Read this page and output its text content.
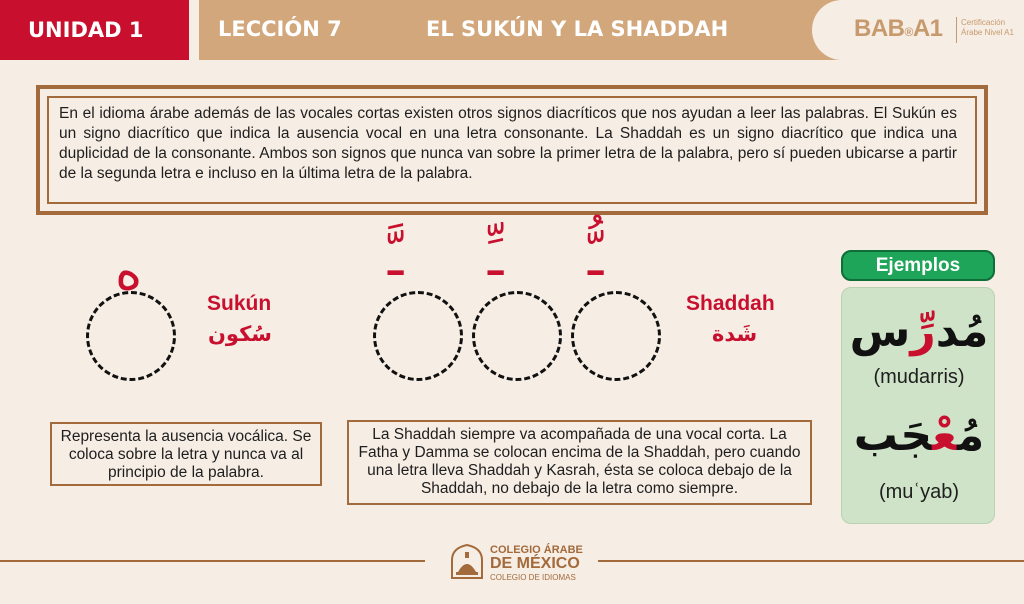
UNIDAD 1	LECCIÓN 7	EL SUKÚN Y LA SHADDAH	BAB®A1 Certificación
Árabe Nivel A1
En el idioma árabe además de las vocales cortas existen otros signos diacríticos que nos ayudan a leer las palabras. El Sukún es un signo diacrítico que indica la ausencia vocal en una letra consonante. La Shaddah es un signo diacrítico que indica una duplicidad de la consonante. Ambos son signos que nunca van sobre la primer letra de la palabra, pero sí pueden ubicarse a partir de la segunda letra e incluso en la última letra de la palabra.
ه
Sukún
سُكون
ـَّ ـِّ ـُّ
Shaddah
شَدة
Representa la ausencia vocálica. Se coloca sobre la letra y nunca va al principio de la palabra.
La Shaddah siempre va acompañada de una vocal corta. La Fatha y Damma se colocan encima de la Shaddah, pero cuando una letra lleva Shaddah y Kasrah, ésta se coloca debajo de la Shaddah, no debajo de la letra como siempre.
Ejemplos
مُدرِّس
(mudarris)
مُعْجَب
(muʿyab)
COLEGIO ÁRABE
DE MÉXICO
COLEGIO DE IDIOMAS
